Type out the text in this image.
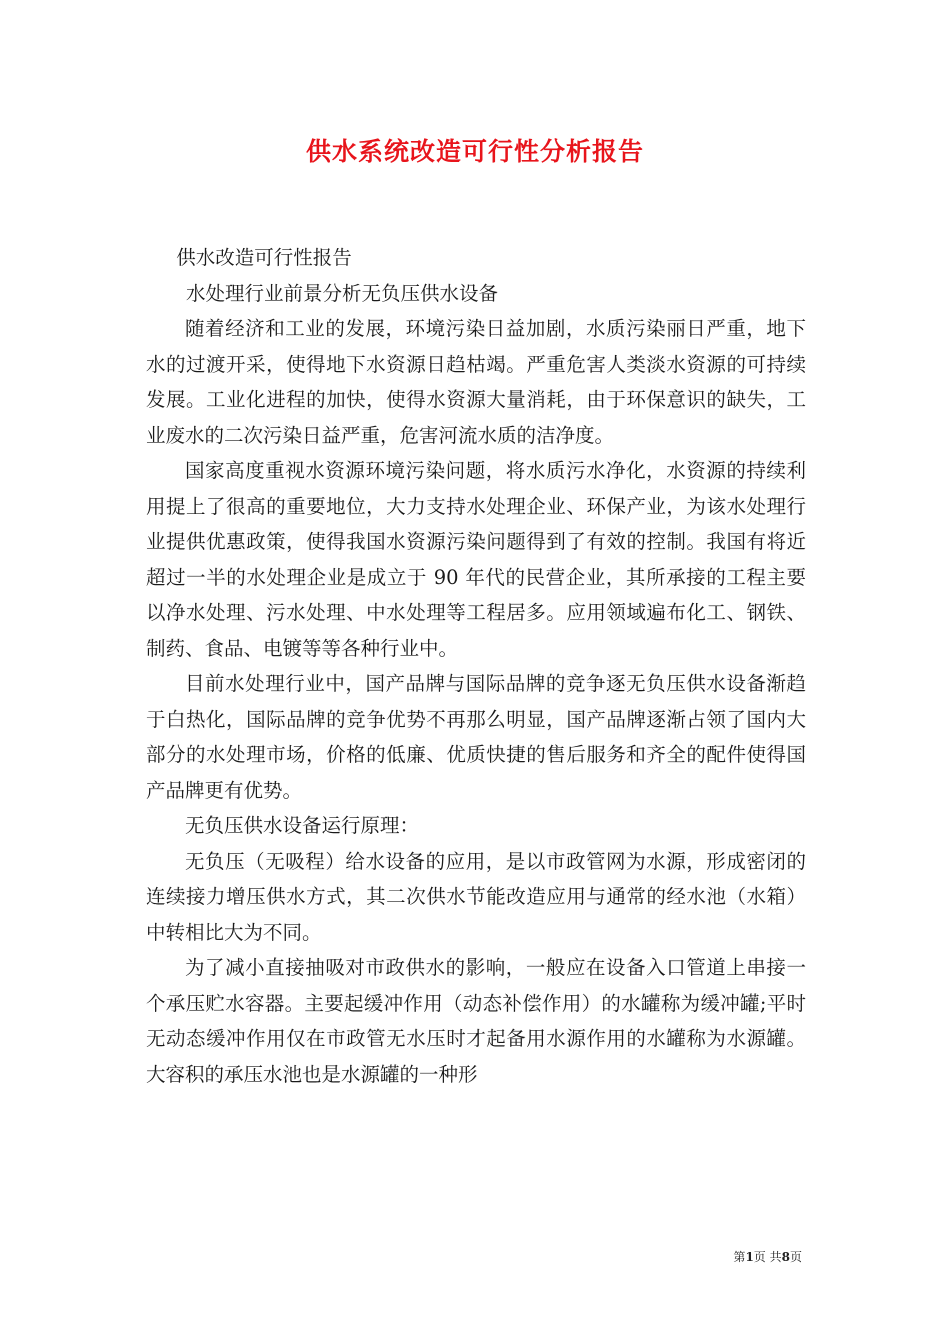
供水系统改造可行性分析报告

供水改造可行性报告

水处理行业前景分析无负压供水设备

随着经济和工业的发展，环境污染日益加剧，水质污染丽日严重，地下水的过渡开采，使得地下水资源日趋枯竭。严重危害人类淡水资源的可持续发展。工业化进程的加快，使得水资源大量消耗，由于环保意识的缺失，工业废水的二次污染日益严重，危害河流水质的洁净度。

国家高度重视水资源环境污染问题，将水质污水净化，水资源的持续利用提上了很高的重要地位，大力支持水处理企业、环保产业，为该水处理行业提供优惠政策，使得我国水资源污染问题得到了有效的控制。我国有将近超过一半的水处理企业是成立于 90 年代的民营企业，其所承接的工程主要以净水处理、污水处理、中水处理等工程居多。应用领域遍布化工、钢铁、制药、食品、电镀等等各种行业中。

目前水处理行业中，国产品牌与国际品牌的竞争逐无负压供水设备渐趋于白热化，国际品牌的竞争优势不再那么明显，国产品牌逐渐占领了国内大部分的水处理市场，价格的低廉、优质快捷的售后服务和齐全的配件使得国产品牌更有优势。

无负压供水设备运行原理：

无负压（无吸程）给水设备的应用，是以市政管网为水源，形成密闭的连续接力增压供水方式，其二次供水节能改造应用与通常的经水池（水箱）中转相比大为不同。

为了减小直接抽吸对市政供水的影响，一般应在设备入口管道上串接一个承压贮水容器。主要起缓冲作用（动态补偿作用）的水罐称为缓冲罐;平时无动态缓冲作用仅在市政管无水压时才起备用水源作用的水罐称为水源罐。大容积的承压水池也是水源罐的一种形

第1页 共8页
